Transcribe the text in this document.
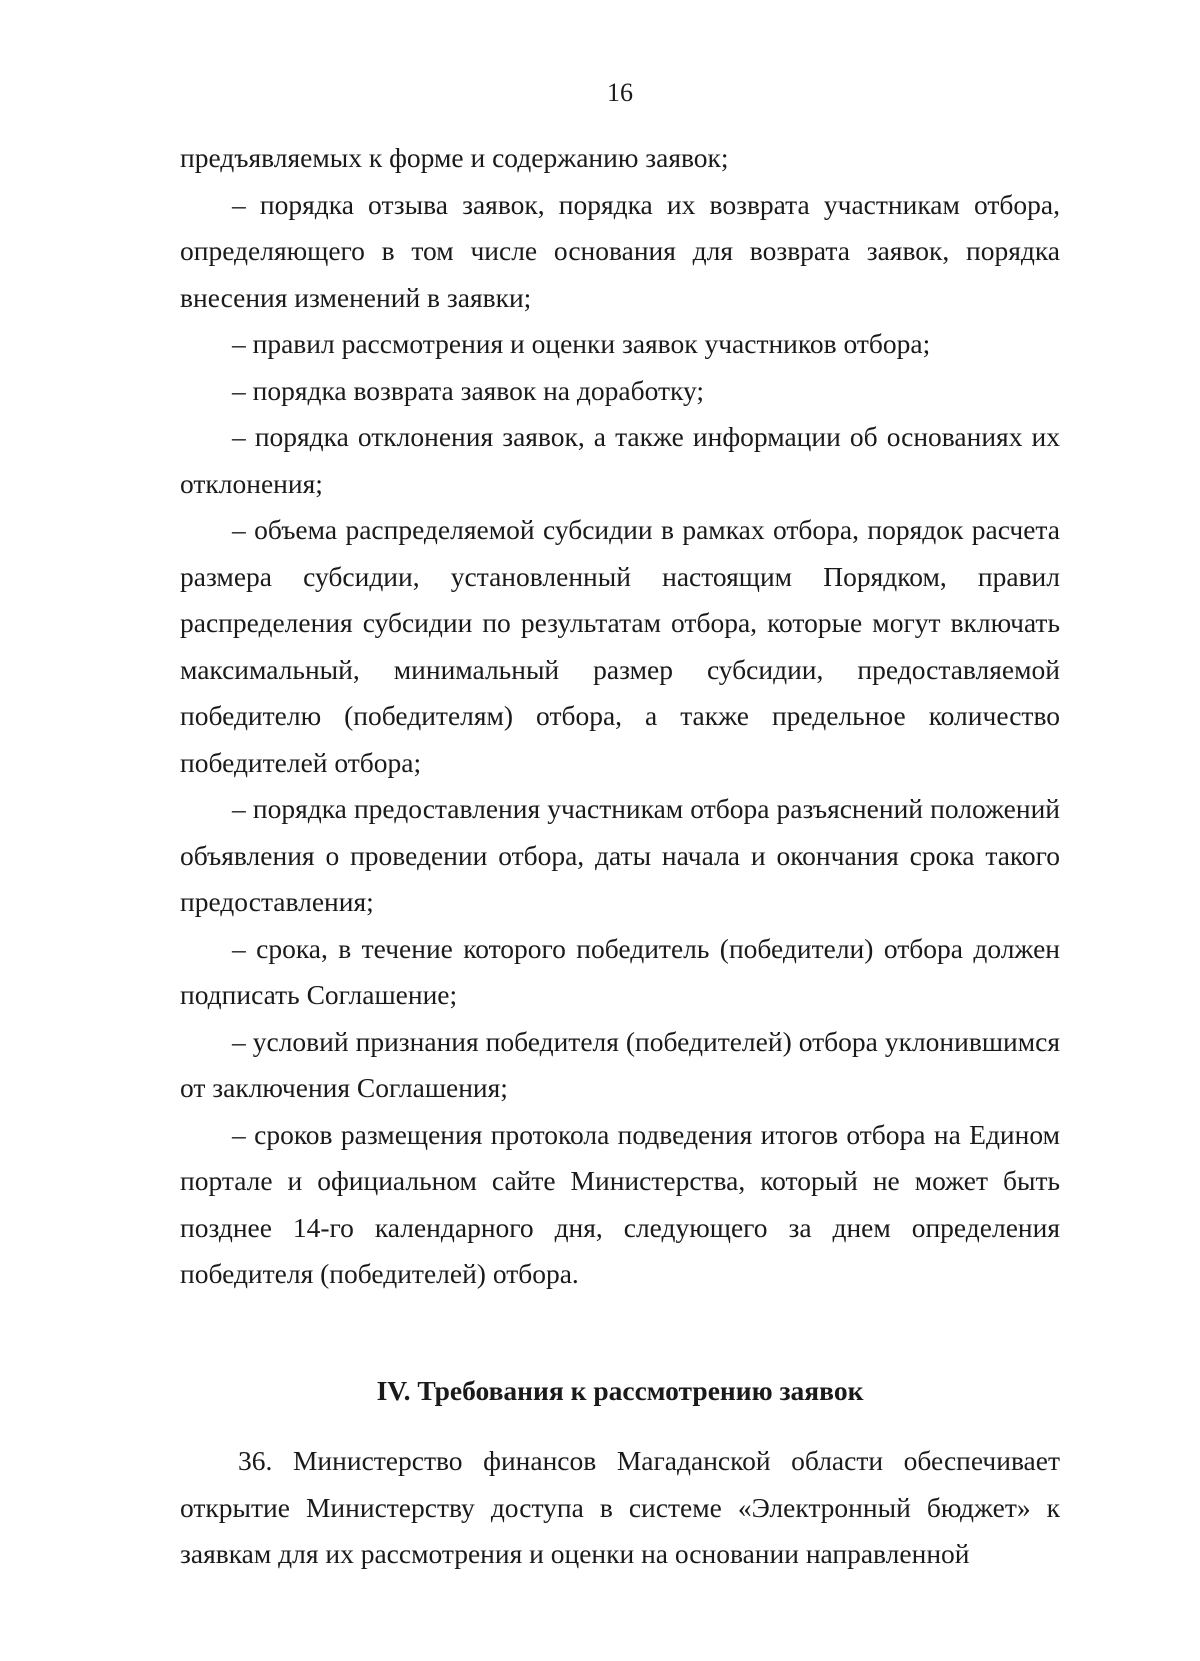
16

предъявляемых к форме и содержанию заявок;

– порядка отзыва заявок, порядка их возврата участникам отбора, определяющего в том числе основания для возврата заявок, порядка внесения изменений в заявки;

– правил рассмотрения и оценки заявок участников отбора;

– порядка возврата заявок на доработку;

– порядка отклонения заявок, а также информации об основаниях их отклонения;

– объема распределяемой субсидии в рамках отбора, порядок расчета размера субсидии, установленный настоящим Порядком, правил распределения субсидии по результатам отбора, которые могут включать максимальный, минимальный размер субсидии, предоставляемой победителю (победителям) отбора, а также предельное количество победителей отбора;

– порядка предоставления участникам отбора разъяснений положений объявления о проведении отбора, даты начала и окончания срока такого предоставления;

– срока, в течение которого победитель (победители) отбора должен подписать Соглашение;

– условий признания победителя (победителей) отбора уклонившимся от заключения Соглашения;

– сроков размещения протокола подведения итогов отбора на Едином портале и официальном сайте Министерства, который не может быть позднее 14-го календарного дня, следующего за днем определения победителя (победителей) отбора.

IV. Требования к рассмотрению заявок

36. Министерство финансов Магаданской области обеспечивает открытие Министерству доступа в системе «Электронный бюджет» к заявкам для их рассмотрения и оценки на основании направленной
